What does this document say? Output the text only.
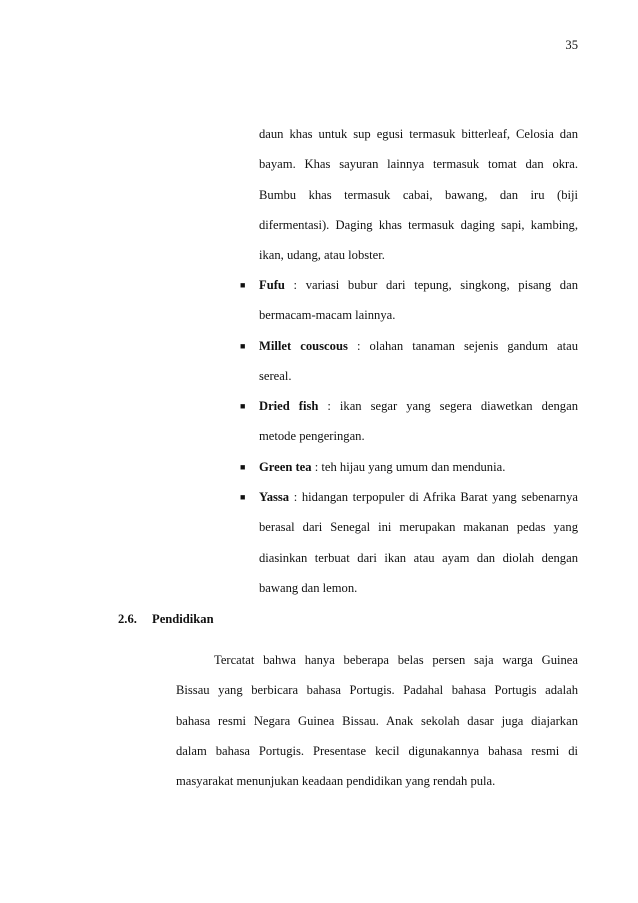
35
daun khas untuk sup egusi termasuk bitterleaf, Celosia dan
bayam. Khas sayuran lainnya termasuk tomat dan okra.
Bumbu khas termasuk cabai, bawang, dan iru (biji
difermentasi). Daging khas termasuk daging sapi, kambing,
ikan, udang, atau lobster.
■	Fufu : variasi bubur dari tepung, singkong, pisang dan
bermacam-macam lainnya.
■	Millet couscous : olahan tanaman sejenis gandum atau
sereal.
■	Dried fish : ikan segar yang segera diawetkan dengan
metode pengeringan.
■	Green tea : teh hijau yang umum dan mendunia.
■	Yassa : hidangan terpopuler di Afrika Barat yang sebenarnya
berasal dari Senegal ini merupakan makanan pedas yang
diasinkan terbuat dari ikan atau ayam dan diolah dengan
bawang dan lemon.
2.6. Pendidikan
Tercatat bahwa hanya beberapa belas persen saja warga Guinea
Bissau yang berbicara bahasa Portugis. Padahal bahasa Portugis adalah
bahasa resmi Negara Guinea Bissau. Anak sekolah dasar juga diajarkan
dalam bahasa Portugis. Presentase kecil digunakannya bahasa resmi di
masyarakat menunjukan keadaan pendidikan yang rendah pula.
